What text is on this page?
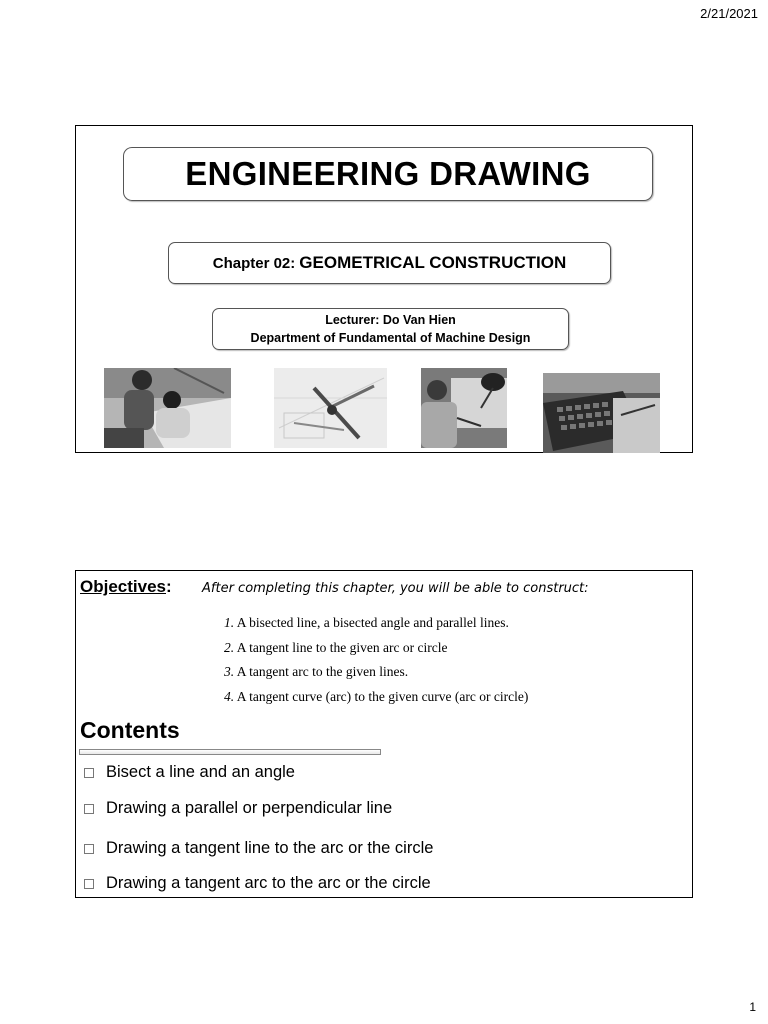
2/21/2021
ENGINEERING DRAWING
Chapter 02: GEOMETRICAL CONSTRUCTION
Lecturer: Do Van Hien
Department of Fundamental of Machine Design
Objectives: After completing this chapter, you will be able to construct:
1. A bisected line, a bisected angle and parallel lines.
2. A tangent line to the given arc or circle
3. A tangent arc to the given lines.
4. A tangent curve (arc) to the given curve (arc or circle)
Contents
Bisect a line and an angle
Drawing a parallel or perpendicular line
Drawing a tangent line to the arc or the circle
Drawing a tangent arc to the arc or the circle
1
